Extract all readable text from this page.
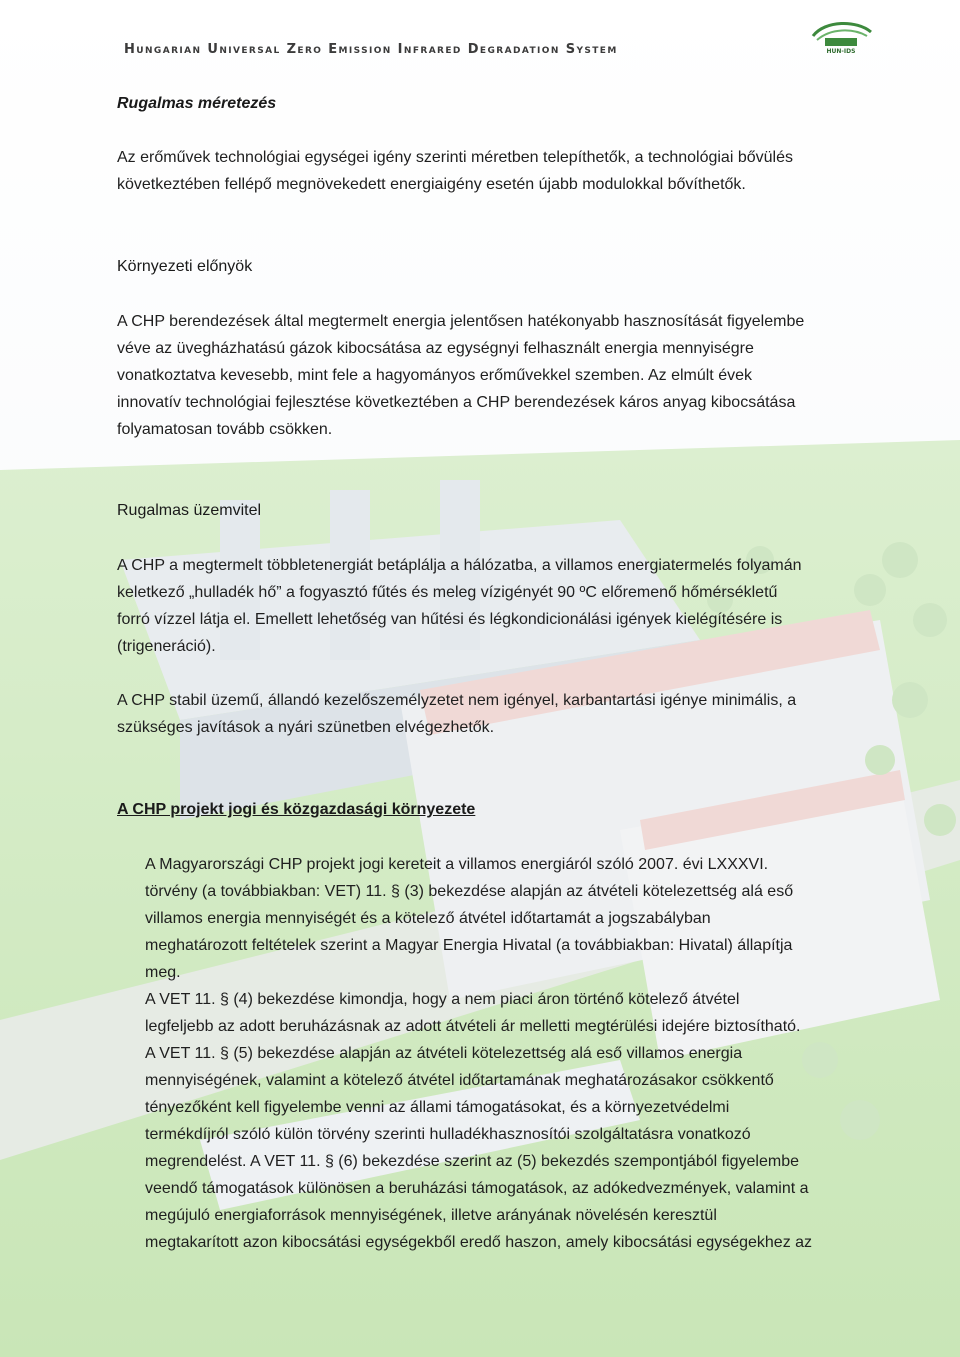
Hungarian Universal Zero Emission Infrared Degradation System	HUN-IDS

Rugalmas méretezés

Az erőművek technológiai egységei igény szerinti méretben telepíthetők, a technológiai bővülés

következtében fellépő megnövekedett energiaigény esetén újabb modulokkal bővíthetők.

Környezeti előnyök

A CHP berendezések által megtermelt energia jelentősen hatékonyabb hasznosítását figyelembe

véve az üvegházhatású gázok kibocsátása az egységnyi felhasznált energia mennyiségre

vonatkoztatva kevesebb, mint fele a hagyományos erőművekkel szemben. Az elmúlt évek

innovatív technológiai fejlesztése következtében a CHP berendezések káros anyag kibocsátása

folyamatosan tovább csökken.

Rugalmas üzemvitel

A CHP a megtermelt többletenergiát betáplálja a hálózatba, a villamos energiatermelés folyamán

keletkező „hulladék hő” a fogyasztó fűtés és meleg vízigényét 90 ºC előremenő hőmérsékletű

forró vízzel látja el. Emellett lehetőség van hűtési és légkondicionálási igények kielégítésére is

(trigeneráció).

A CHP stabil üzemű, állandó kezelőszemélyzetet nem igényel, karbantartási igénye minimális, a

szükséges javítások a nyári szünetben elvégezhetők.

A CHP projekt jogi és közgazdasági környezete

A Magyarországi CHP projekt jogi kereteit a villamos energiáról szóló 2007. évi LXXXVI.

törvény (a továbbiakban: VET) 11. § (3) bekezdése alapján az átvételi kötelezettség alá eső

villamos energia mennyiségét és a kötelező átvétel időtartamát a jogszabályban

meghatározott feltételek szerint a Magyar Energia Hivatal (a továbbiakban: Hivatal) állapítja

meg.

A VET 11. § (4) bekezdése kimondja, hogy a nem piaci áron történő kötelező átvétel

legfeljebb az adott beruházásnak az adott átvételi ár melletti megtérülési idejére biztosítható.

A VET 11. § (5) bekezdése alapján az átvételi kötelezettség alá eső villamos energia

mennyiségének, valamint a kötelező átvétel időtartamának meghatározásakor csökkentő

tényezőként kell figyelembe venni az állami támogatásokat, és a környezetvédelmi

termékdíjról szóló külön törvény szerinti hulladékhasznosítói szolgáltatásra vonatkozó

megrendelést. A VET 11. § (6) bekezdése szerint az (5) bekezdés szempontjából figyelembe

veendő támogatások különösen a beruházási támogatások, az adókedvezmények, valamint a

megújuló energiaforrások mennyiségének, illetve arányának növelésén keresztül

megtakarított azon kibocsátási egységekből eredő haszon, amely kibocsátási egységekhez az
